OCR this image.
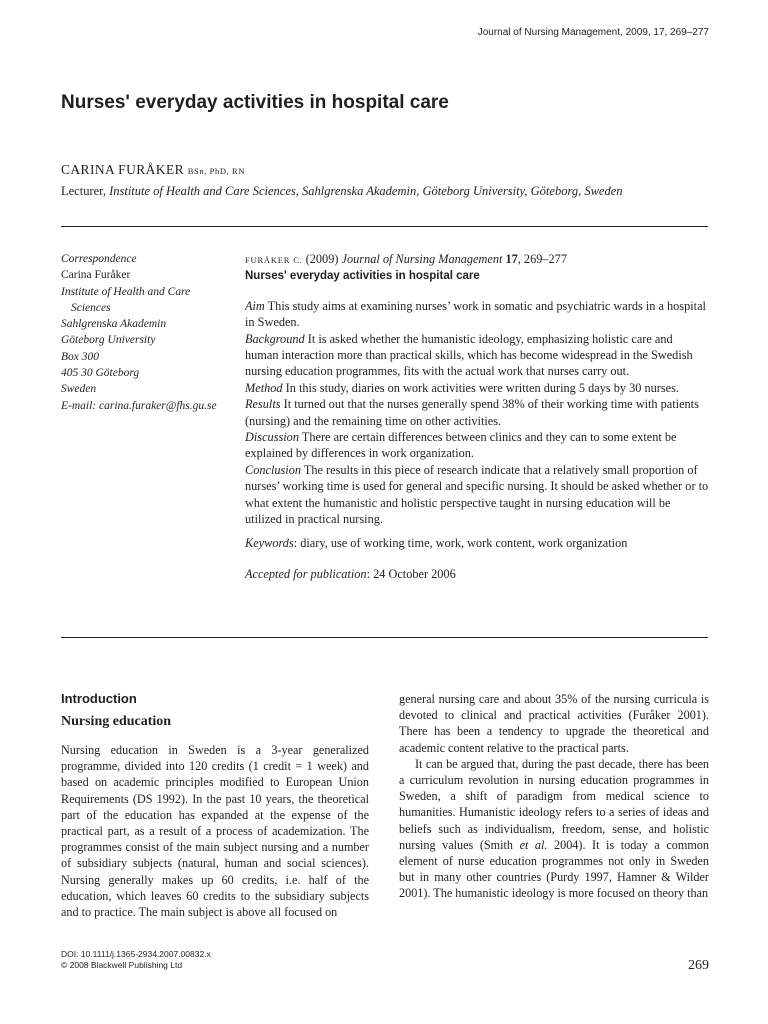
Journal of Nursing Management, 2009, 17, 269–277
Nurses' everyday activities in hospital care
CARINA FURÅKER BSn, PhD, RN
Lecturer, Institute of Health and Care Sciences, Sahlgrenska Akademin, Göteborg University, Göteborg, Sweden
Correspondence
Carina Furåker
Institute of Health and Care
Sciences
Sahlgrenska Akademin
Göteborg University
Box 300
405 30 Göteborg
Sweden
E-mail: carina.furaker@fhs.gu.se
FURÅKER C. (2009) Journal of Nursing Management 17, 269–277
Nurses' everyday activities in hospital care

Aim This study aims at examining nurses’ work in somatic and psychiatric wards in a hospital in Sweden.

Background It is asked whether the humanistic ideology, emphasizing holistic care and human interaction more than practical skills, which has become widespread in the Swedish nursing education programmes, fits with the actual work that nurses carry out.

Method In this study, diaries on work activities were written during 5 days by 30 nurses.

Results It turned out that the nurses generally spend 38% of their working time with patients (nursing) and the remaining time on other activities.

Discussion There are certain differences between clinics and they can to some extent be explained by differences in work organization.

Conclusion The results in this piece of research indicate that a relatively small proportion of nurses’ working time is used for general and specific nursing. It should be asked whether or to what extent the humanistic and holistic perspective taught in nursing education will be utilized in practical nursing.

Keywords: diary, use of working time, work, work content, work organization

Accepted for publication: 24 October 2006

Introduction
Nursing education

Nursing education in Sweden is a 3-year generalized programme, divided into 120 credits (1 credit = 1 week) and based on academic principles modified to European Union Requirements (DS 1992). In the past 10 years, the theoretical part of the education has expanded at the expense of the practical part, as a result of a process of academization. The programmes consist of the main subject nursing and a number of subsidiary subjects (natural, human and social sciences). Nursing generally makes up 60 credits, i.e. half of the education, which leaves 60 credits to the subsidiary subjects and to practice. The main subject is above all focused on

general nursing care and about 35% of the nursing curricula is devoted to clinical and practical activities (Furåker 2001). There has been a tendency to upgrade the theoretical and academic content relative to the practical parts.

It can be argued that, during the past decade, there has been a curriculum revolution in nursing education programmes in Sweden, a shift of paradigm from medical science to humanities. Humanistic ideology refers to a series of ideas and beliefs such as individualism, freedom, sense, and holistic nursing values (Smith et al. 2004). It is today a common element of nurse education programmes not only in Sweden but in many other countries (Purdy 1997, Hamner & Wilder 2001). The humanistic ideology is more focused on theory than

DOI: 10.1111/j.1365-2934.2007.00832.x
© 2008 Blackwell Publishing Ltd	269
